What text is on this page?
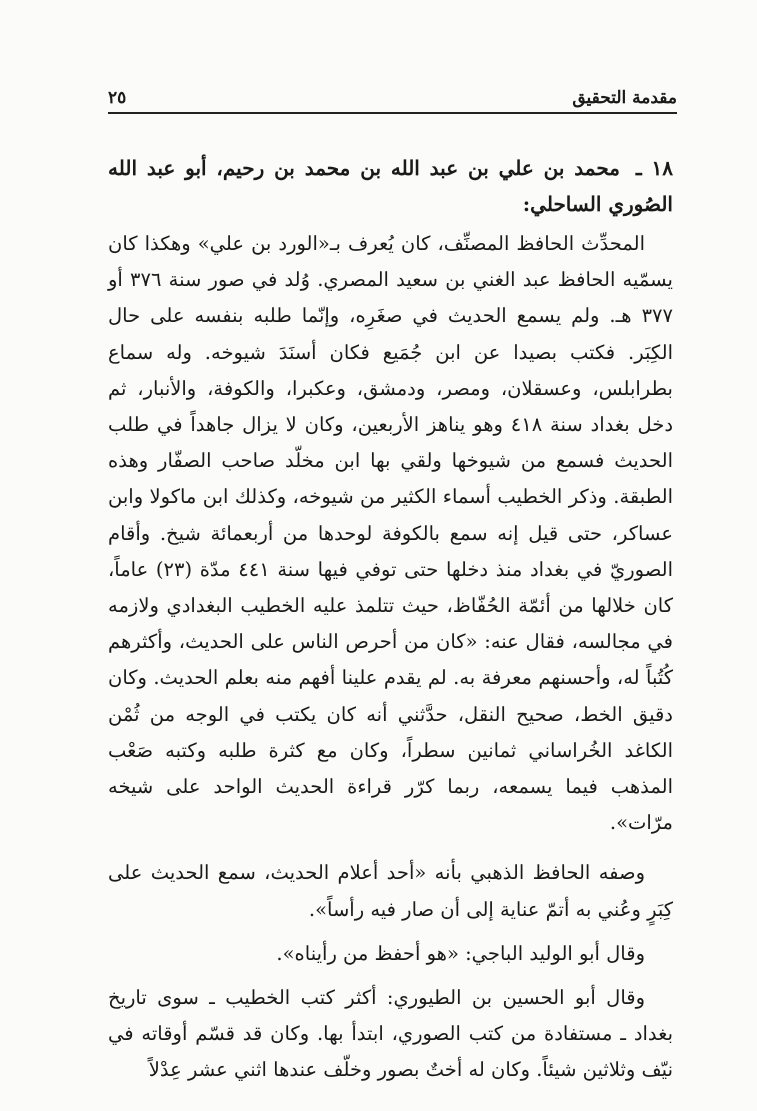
مقدمة التحقيق
٢٥
١٨ ـ محمد بن علي بن عبد الله بن محمد بن رحيم، أبو عبد الله الصُوري الساحلي:

المحدِّث الحافظ المصنِّف، كان يُعرف بـ«الورد بن علي» وهكذا كان يسمّيه الحافظ عبد الغني بن سعيد المصري. وُلد في صور سنة ٣٧٦ أو ٣٧٧ هـ. ولم يسمع الحديث في صغَرِه، وإنّما طلبه بنفسه على حال الكِبَر. فكتب بصيدا عن ابن جُمَيع فكان أسنَدَ شيوخه. وله سماع بطرابلس، وعسقلان، ومصر، ودمشق، وعكبرا، والكوفة، والأنبار، ثم دخل بغداد سنة ٤١٨ وهو يناهز الأربعين، وكان لا يزال جاهداً في طلب الحديث فسمع من شيوخها ولقي بها ابن مخلّد صاحب الصفّار وهذه الطبقة. وذكر الخطيب أسماء الكثير من شيوخه، وكذلك ابن ماكولا وابن عساكر، حتى قيل إنه سمع بالكوفة لوحدها من أربعمائة شيخ. وأقام الصوريّ في بغداد منذ دخلها حتى توفي فيها سنة ٤٤١ مدّة (٢٣) عاماً، كان خلالها من أئمّة الحُفّاظ، حيث تتلمذ عليه الخطيب البغدادي ولازمه في مجالسه، فقال عنه: «كان من أحرص الناس على الحديث، وأكثرهم كُتُباً له، وأحسنهم معرفة به. لم يقدم علينا أفهم منه بعلم الحديث. وكان دقيق الخط، صحيح النقل، حدَّثني أنه كان يكتب في الوجه من ثُمْن الكاغد الخُراساني ثمانين سطراً، وكان مع كثرة طلبه وكتبه صَعْب المذهب فيما يسمعه، ربما كرّر قراءة الحديث الواحد على شيخه مرّات».

وصفه الحافظ الذهبي بأنه «أحد أعلام الحديث، سمع الحديث على كِبَرٍ وعُني به أتمّ عناية إلى أن صار فيه رأساً».

وقال أبو الوليد الباجي: «هو أحفظ من رأيناه».

وقال أبو الحسين بن الطيوري: أكثر كتب الخطيب ـ سوى تاريخ بغداد ـ مستفادة من كتب الصوري، ابتدأ بها. وكان قد قسّم أوقاته في نيّف وثلاثين شيئاً. وكان له أختٌ بصور وخلّف عندها اثني عشر عِدْلاً
